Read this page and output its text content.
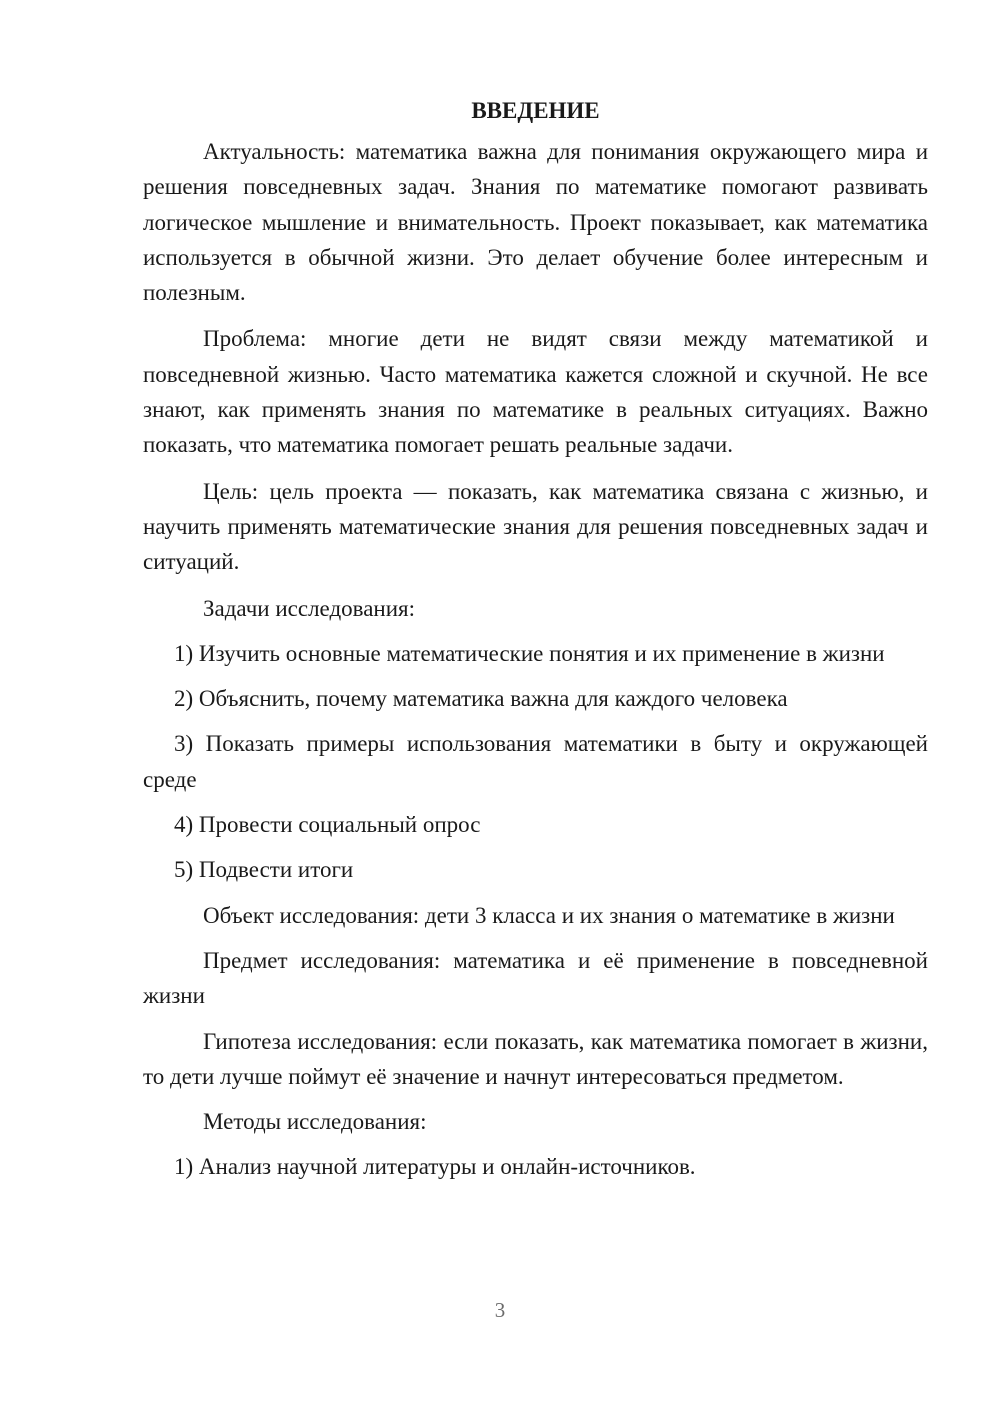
ВВЕДЕНИЕ

Актуальность: математика важна для понимания окружающего мира и решения повседневных задач. Знания по математике помогают развивать логическое мышление и внимательность. Проект показывает, как математика используется в обычной жизни. Это делает обучение более интересным и полезным.

Проблема: многие дети не видят связи между математикой и повседневной жизнью. Часто математика кажется сложной и скучной. Не все знают, как применять знания по математике в реальных ситуациях. Важно показать, что математика помогает решать реальные задачи.

Цель: цель проекта — показать, как математика связана с жизнью, и научить применять математические знания для решения повседневных задач и ситуаций.

Задачи исследования:

1) Изучить основные математические понятия и их применение в жизни

2) Объяснить, почему математика важна для каждого человека

3) Показать примеры использования математики в быту и окружающей среде

4) Провести социальный опрос

5) Подвести итоги

Объект исследования: дети 3 класса и их знания о математике в жизни

Предмет исследования: математика и её применение в повседневной жизни

Гипотеза исследования: если показать, как математика помогает в жизни, то дети лучше поймут её значение и начнут интересоваться предметом.

Методы исследования:

1) Анализ научной литературы и онлайн-источников.

3
